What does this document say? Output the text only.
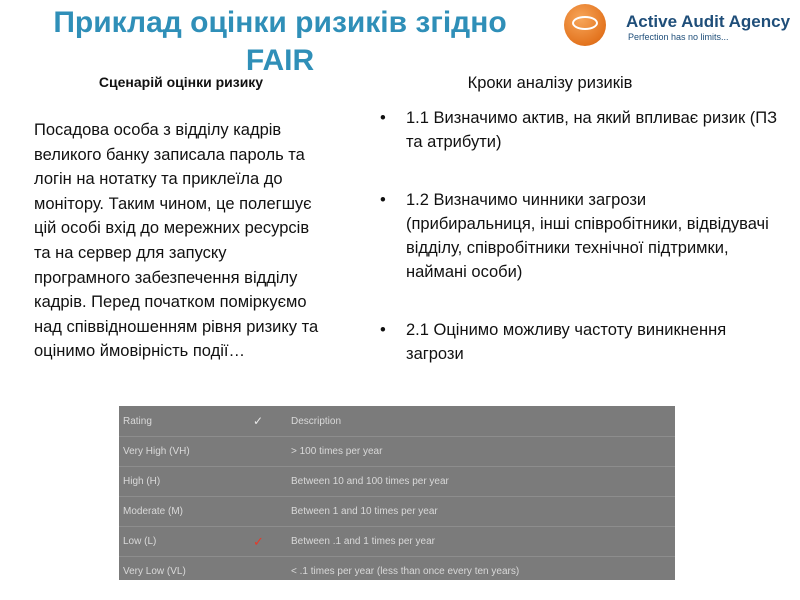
Приклад оцінки ризиків згідно FAIR
Active Audit Agency
Perfection has no limits...
Сценарій оцінки ризику
Посадова особа з відділу кадрів великого банку записала пароль та логін на нотатку та приклеїла до монітору. Таким чином, це полегшує цій особі вхід до мережних ресурсів та на сервер для запуску програмного забезпечення відділу кадрів. Перед початком поміркуємо над співвідношенням рівня ризику та оцінимо ймовірність події…
Кроки аналізу ризиків
• 1.1 Визначимо актив, на який впливає ризик (ПЗ та атрибути)
• 1.2 Визначимо чинники загрози (прибиральниця, інші співробітники, відвідувачі відділу, співробітники технічної підтримки, наймані особи)
• 2.1 Оцінимо можливу частоту виникнення загрози
Rating	✓	Description
Very High (VH)		> 100 times per year
High (H)		Between 10 and 100 times per year
Moderate (M)		Between 1 and 10 times per year
Low (L)	✓	Between .1 and 1 times per year
Very Low (VL)		< .1 times per year (less than once every ten years)
